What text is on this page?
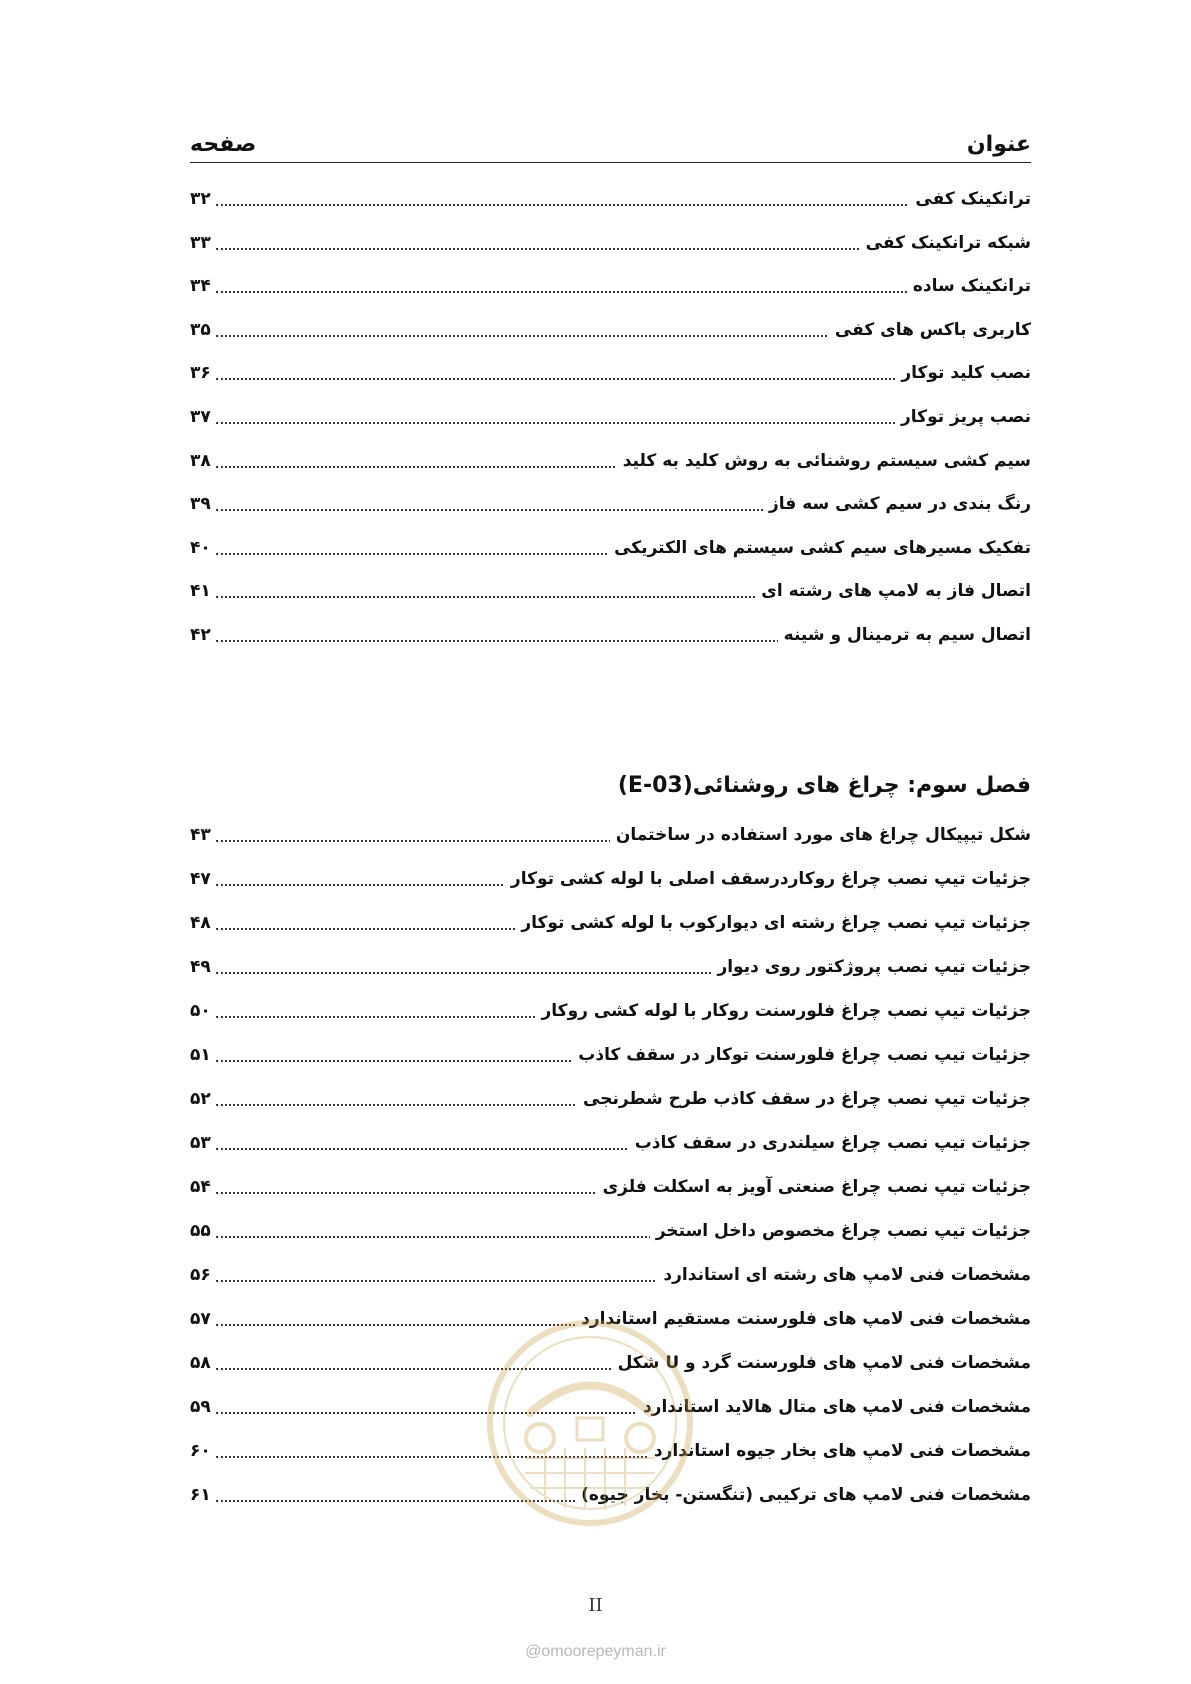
عنوان
صفحه
ترانکینک کفی
۳۲
شبکه ترانکینک کفی
۳۳
ترانکینک ساده
۳۴
کاربری باکس های کفی
۳۵
نصب کلید توکار
۳۶
نصب پریز توکار
۳۷
سیم کشی سیستم روشنائی به روش کلید به کلید
۳۸
رنگ بندی در سیم کشی سه فاز
۳۹
تفکیک مسیرهای سیم کشی سیستم های الکتریکی
۴۰
اتصال فاز به لامپ های رشته ای
۴۱
اتصال سیم به ترمینال و شینه
۴۲
فصل سوم: چراغ های روشنائی(E-03)
شکل تیپیکال چراغ های مورد استفاده در ساختمان
۴۳
جزئیات تیپ نصب چراغ روکاردرسقف اصلی با لوله کشی توکار
۴۷
جزئیات تیپ نصب چراغ رشته ای دیوارکوب با لوله کشی توکار
۴۸
جزئیات تیپ نصب پروژکتور روی دیوار
۴۹
جزئیات تیپ نصب چراغ فلورسنت روکار با لوله کشی روکار
۵۰
جزئیات تیپ نصب چراغ فلورسنت توکار در سقف کاذب
۵۱
جزئیات تیپ نصب چراغ در سقف کاذب طرح شطرنجی
۵۲
جزئیات تیپ نصب چراغ سیلندری در سقف کاذب
۵۳
جزئیات تیپ نصب چراغ صنعتی آویز به اسکلت فلزی
۵۴
جزئیات تیپ نصب چراغ مخصوص داخل استخر
۵۵
مشخصات فنی لامپ های رشته ای استاندارد
۵۶
مشخصات فنی لامپ های فلورسنت مستقیم استاندارد
۵۷
مشخصات فنی لامپ های فلورسنت گرد و U شکل
۵۸
مشخصات فنی لامپ های متال هالاید استاندارد
۵۹
مشخصات فنی لامپ های بخار جیوه استاندارد
۶۰
مشخصات فنی لامپ های ترکیبی (تنگستن- بخار جیوه)
۶۱
II
@omoorepeyman.ir
